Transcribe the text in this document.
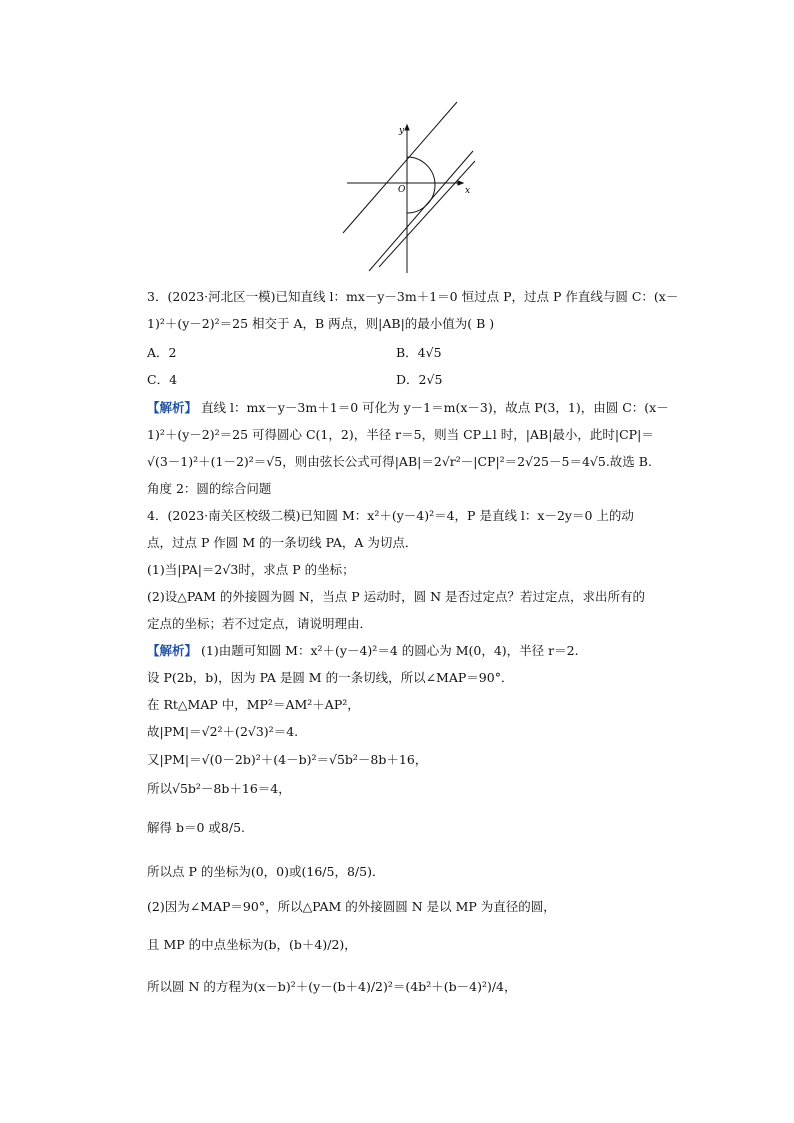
y
x
O
3．(2023·河北区一模)已知直线 l：mx－y－3m＋1＝0 恒过点 P，过点 P 作直线与圆 C：(x－
1)²＋(y－2)²＝25 相交于 A，B 两点，则|AB|的最小值为( B )
A．2	B．4√5
C．4	D．2√5
【解析】 直线 l：mx－y－3m＋1＝0 可化为 y－1＝m(x－3)，故点 P(3，1)，由圆 C：(x－
1)²＋(y－2)²＝25 可得圆心 C(1，2)，半径 r＝5，则当 CP⊥l 时，|AB|最小，此时|CP|＝
√(3－1)²＋(1－2)²＝√5，则由弦长公式可得|AB|＝2√r²－|CP|²＝2√25－5＝4√5.故选 B.
角度 2：圆的综合问题
4．(2023·南关区校级二模)已知圆 M：x²＋(y－4)²＝4，P 是直线 l：x－2y＝0 上的动
点，过点 P 作圆 M 的一条切线 PA，A 为切点．
(1)当|PA|＝2√3时，求点 P 的坐标；
(2)设△PAM 的外接圆为圆 N，当点 P 运动时，圆 N 是否过定点？若过定点，求出所有的
定点的坐标；若不过定点，请说明理由．
【解析】 (1)由题可知圆 M：x²＋(y－4)²＝4 的圆心为 M(0，4)，半径 r＝2.
设 P(2b，b)，因为 PA 是圆 M 的一条切线，所以∠MAP＝90°．
在 Rt△MAP 中，MP²＝AM²＋AP²，
故|PM|＝√2²＋(2√3)²＝4.
又|PM|＝√(0－2b)²＋(4－b)²＝√5b²－8b＋16，
所以√5b²－8b＋16＝4，
解得 b＝0 或8/5.
所以点 P 的坐标为(0，0)或(16/5，8/5)．
(2)因为∠MAP＝90°，所以△PAM 的外接圆圆 N 是以 MP 为直径的圆，
且 MP 的中点坐标为(b，(b＋4)/2)，
所以圆 N 的方程为(x－b)²＋(y－(b＋4)/2)²＝(4b²＋(b－4)²)/4，
